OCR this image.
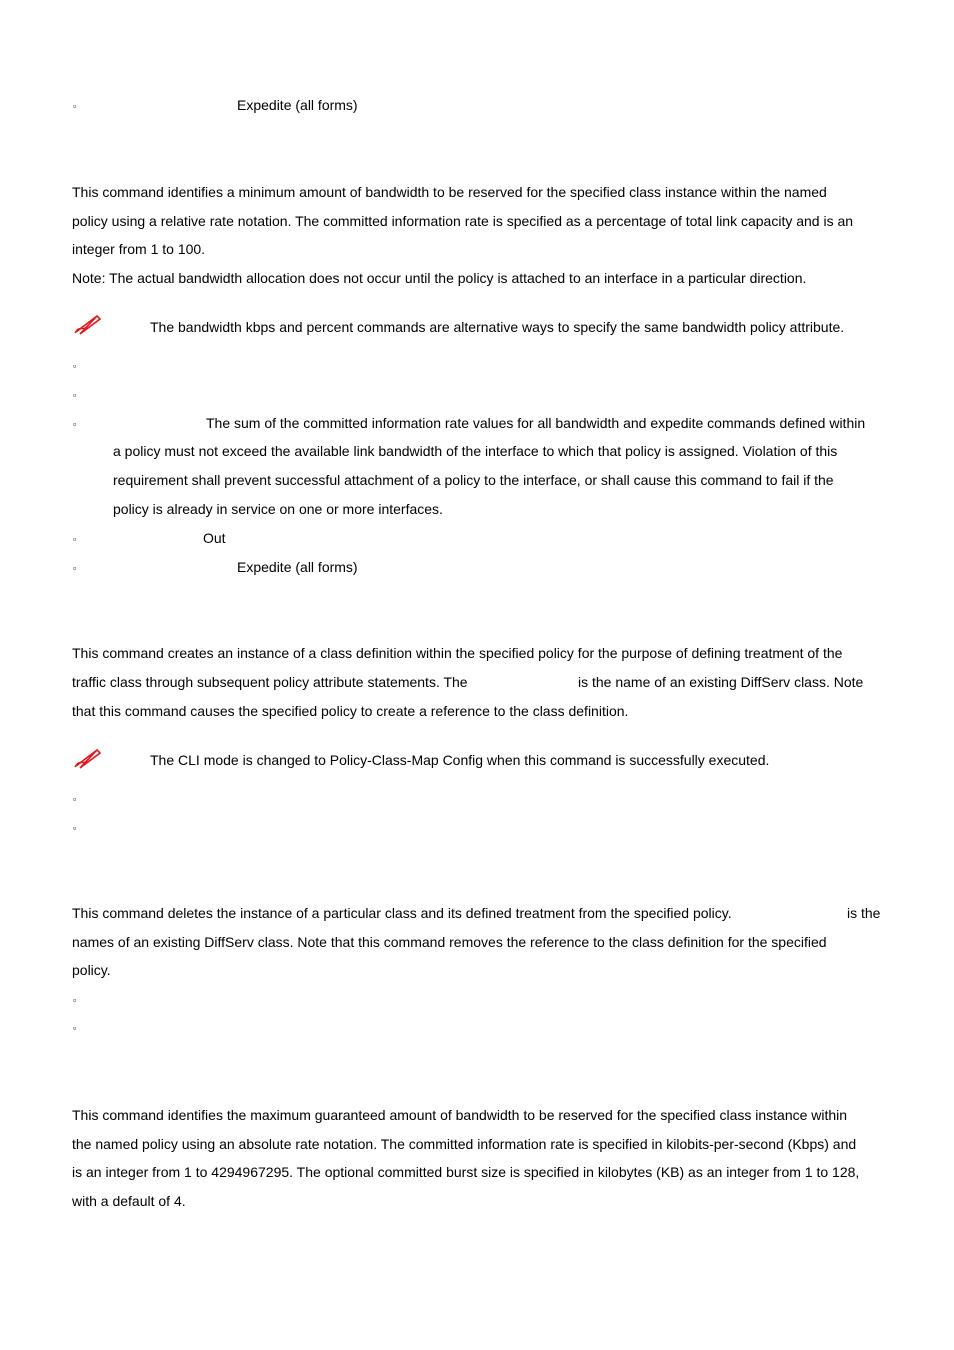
▫	Expedite (all forms)
This command identifies a minimum amount of bandwidth to be reserved for the specified class instance within the named
policy using a relative rate notation. The committed information rate is specified as a percentage of total link capacity and is an
integer from 1 to 100.
Note: The actual bandwidth allocation does not occur until the policy is attached to an interface in a particular direction.
The bandwidth kbps and percent commands are alternative ways to specify the same bandwidth policy attribute.
▫
▫
▫	The sum of the committed information rate values for all bandwidth and expedite commands defined within
a policy must not exceed the available link bandwidth of the interface to which that policy is assigned. Violation of this
requirement shall prevent successful attachment of a policy to the interface, or shall cause this command to fail if the
policy is already in service on one or more interfaces.
▫	Out
▫	Expedite (all forms)
This command creates an instance of a class definition within the specified policy for the purpose of defining treatment of the
traffic class through subsequent policy attribute statements. The	is the name of an existing DiffServ class. Note
that this command causes the specified policy to create a reference to the class definition.
The CLI mode is changed to Policy-Class-Map Config when this command is successfully executed.
▫
▫
This command deletes the instance of a particular class and its defined treatment from the specified policy.	is the
names of an existing DiffServ class. Note that this command removes the reference to the class definition for the specified
policy.
▫
▫
This command identifies the maximum guaranteed amount of bandwidth to be reserved for the specified class instance within
the named policy using an absolute rate notation. The committed information rate is specified in kilobits-per-second (Kbps) and
is an integer from 1 to 4294967295. The optional committed burst size is specified in kilobytes (KB) as an integer from 1 to 128,
with a default of 4.
